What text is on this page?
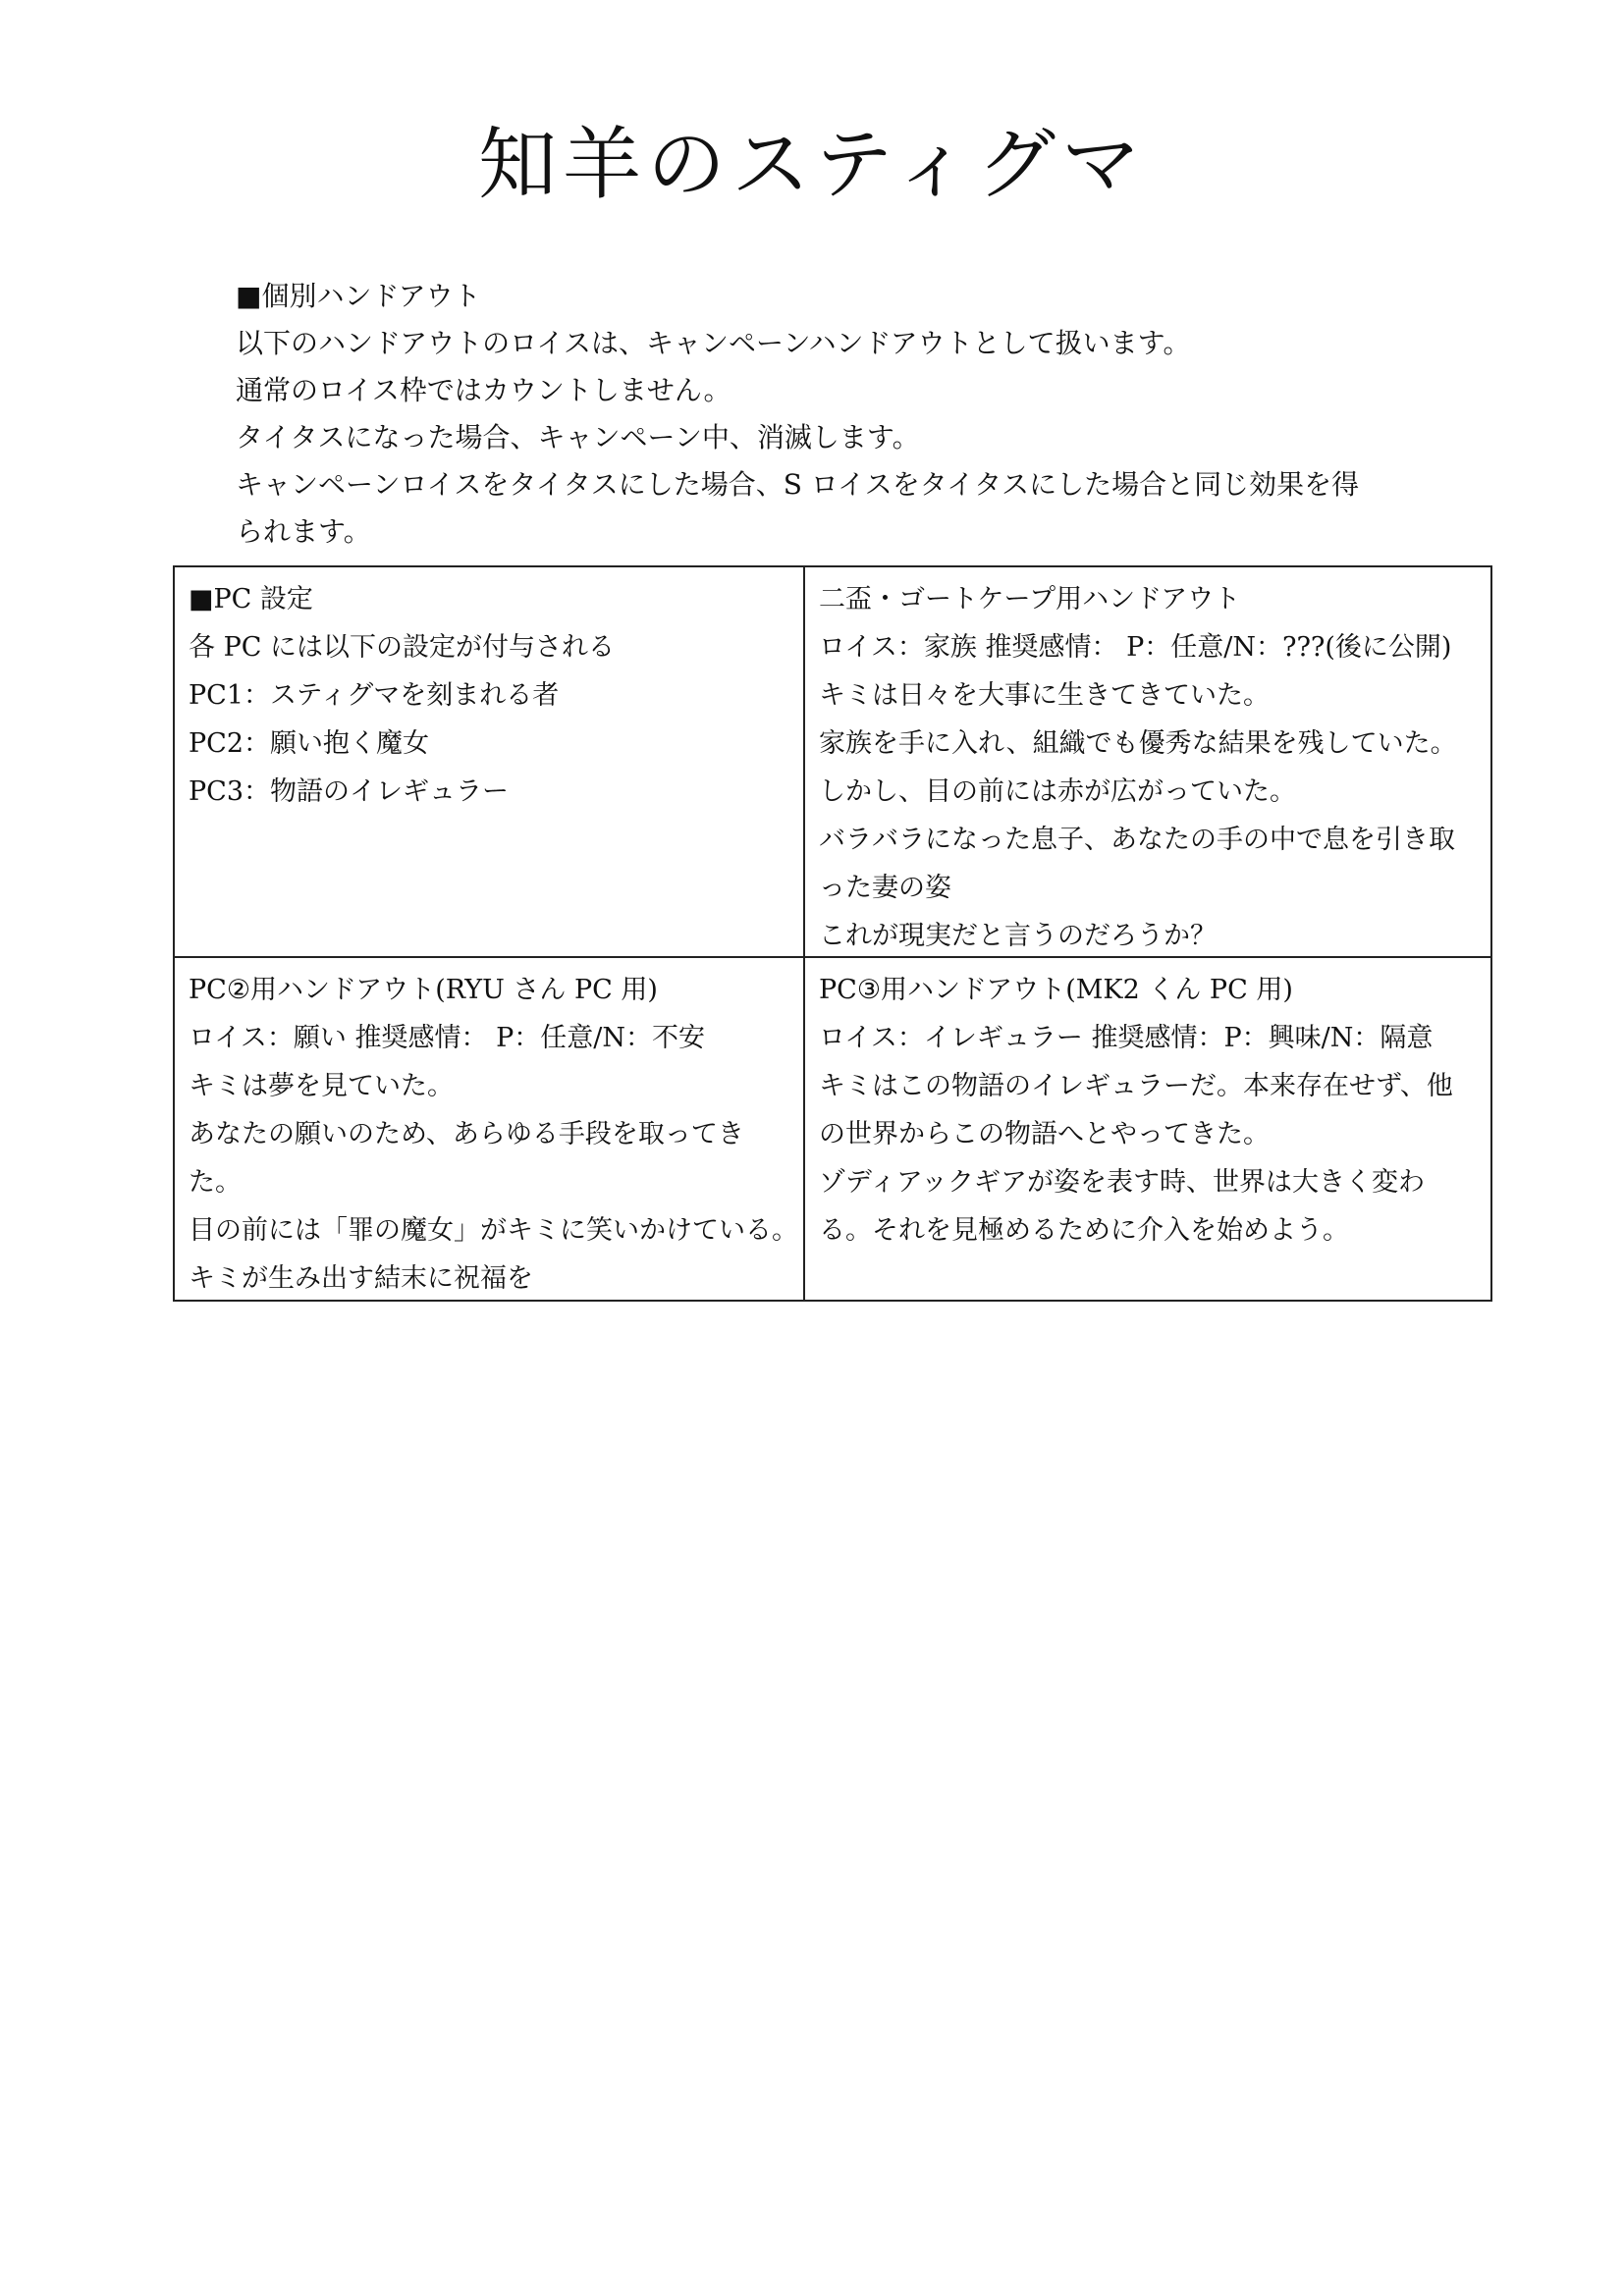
知羊のスティグマ
■個別ハンドアウト
以下のハンドアウトのロイスは、キャンペーンハンドアウトとして扱います。
通常のロイス枠ではカウントしません。
タイタスになった場合、キャンペーン中、消滅します。
キャンペーンロイスをタイタスにした場合、S ロイスをタイタスにした場合と同じ効果を得
られます。
■PC 設定
各 PC には以下の設定が付与される
PC1：スティグマを刻まれる者
PC2：願い抱く魔女
PC3：物語のイレギュラー
二盃・ゴートケープ用ハンドアウト
ロイス：家族 推奨感情： P：任意/N：???(後に公開)
キミは日々を大事に生きてきていた。
家族を手に入れ、組織でも優秀な結果を残していた。
しかし、目の前には赤が広がっていた。
バラバラになった息子、あなたの手の中で息を引き取
った妻の姿
これが現実だと言うのだろうか？
PC②用ハンドアウト(RYU さん PC 用)
ロイス：願い 推奨感情： P：任意/N：不安
キミは夢を見ていた。
あなたの願いのため、あらゆる手段を取ってき
た。
目の前には「罪の魔女」がキミに笑いかけている。
キミが生み出す結末に祝福を
PC③用ハンドアウト(MK2 くん PC 用)
ロイス：イレギュラー 推奨感情：P：興味/N：隔意
キミはこの物語のイレギュラーだ。本来存在せず、他
の世界からこの物語へとやってきた。
ゾディアックギアが姿を表す時、世界は大きく変わ
る。それを見極めるために介入を始めよう。
